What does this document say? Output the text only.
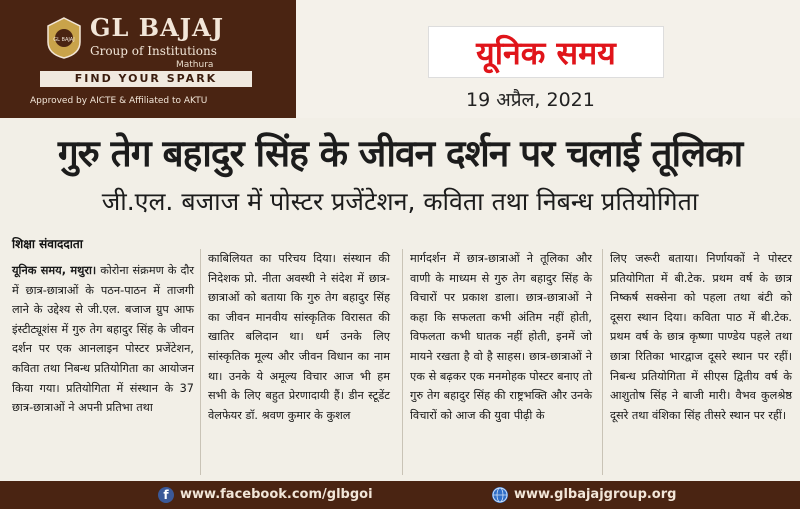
GL BAJAJ GL BAJAJ
Group of Institutions
Mathura
FIND YOUR SPARK
Approved by AICTE & Affiliated to AKTU
यूनिक समय
19 अप्रैल, 2021
गुरु तेग बहादुर सिंह के जीवन दर्शन पर चलाई तूलिका
जी.एल. बजाज में पोस्टर प्रजेंटेशन, कविता तथा निबन्ध प्रतियोगिता
शिक्षा संवाददाता
यूनिक समय, मथुरा। कोरोना संक्रमण के दौर में छात्र-छात्राओं के पठन-पाठन में ताजगी लाने के उद्देश्य से जी.एल. बजाज ग्रुप आफ इंस्टीट्यूशंस में गुरु तेग बहादुर सिंह के जीवन दर्शन पर एक आनलाइन पोस्टर प्रजेंटेशन, कविता तथा निबन्ध प्रतियोगिता का आयोजन किया गया। प्रतियोगिता में संस्थान के 37 छात्र-छात्राओं ने अपनी प्रतिभा तथा
काबिलियत का परिचय दिया। संस्थान की निदेशक प्रो. नीता अवस्थी ने संदेश में छात्र-छात्राओं को बताया कि गुरु तेग बहादुर सिंह का जीवन मानवीय सांस्कृतिक विरासत की खातिर बलिदान था। धर्म उनके लिए सांस्कृतिक मूल्य और जीवन विधान का नाम था। उनके ये अमूल्य विचार आज भी हम सभी के लिए बहुत प्रेरणादायी हैं। डीन स्टूडेंट वेलफेयर डॉ. श्रवण कुमार के कुशल
मार्गदर्शन में छात्र-छात्राओं ने तूलिका और वाणी के माध्यम से गुरु तेग बहादुर सिंह के विचारों पर प्रकाश डाला। छात्र-छात्राओं ने कहा कि सफलता कभी अंतिम नहीं होती, विफलता कभी घातक नहीं होती, इनमें जो मायने रखता है वो है साहस। छात्र-छात्राओं ने एक से बढ़कर एक मनमोहक पोस्टर बनाए तो गुरु तेग बहादुर सिंह की राष्ट्रभक्ति और उनके विचारों को आज की युवा पीढ़ी के
लिए जरूरी बताया। निर्णायकों ने पोस्टर प्रतियोगिता में बी.टेक. प्रथम वर्ष के छात्र निष्कर्ष सक्सेना को पहला तथा बंटी को दूसरा स्थान दिया। कविता पाठ में बी.टेक. प्रथम वर्ष के छात्र कृष्णा पाण्डेय पहले तथा छात्रा रितिका भारद्वाज दूसरे स्थान पर रहीं। निबन्ध प्रतियोगिता में सीएस द्वितीय वर्ष के आशुतोष सिंह ने बाजी मारी। वैभव कुलश्रेष्ठ दूसरे तथा वंशिका सिंह तीसरे स्थान पर रहीं।
f www.facebook.com/glbgoi	www.glbajajgroup.org
